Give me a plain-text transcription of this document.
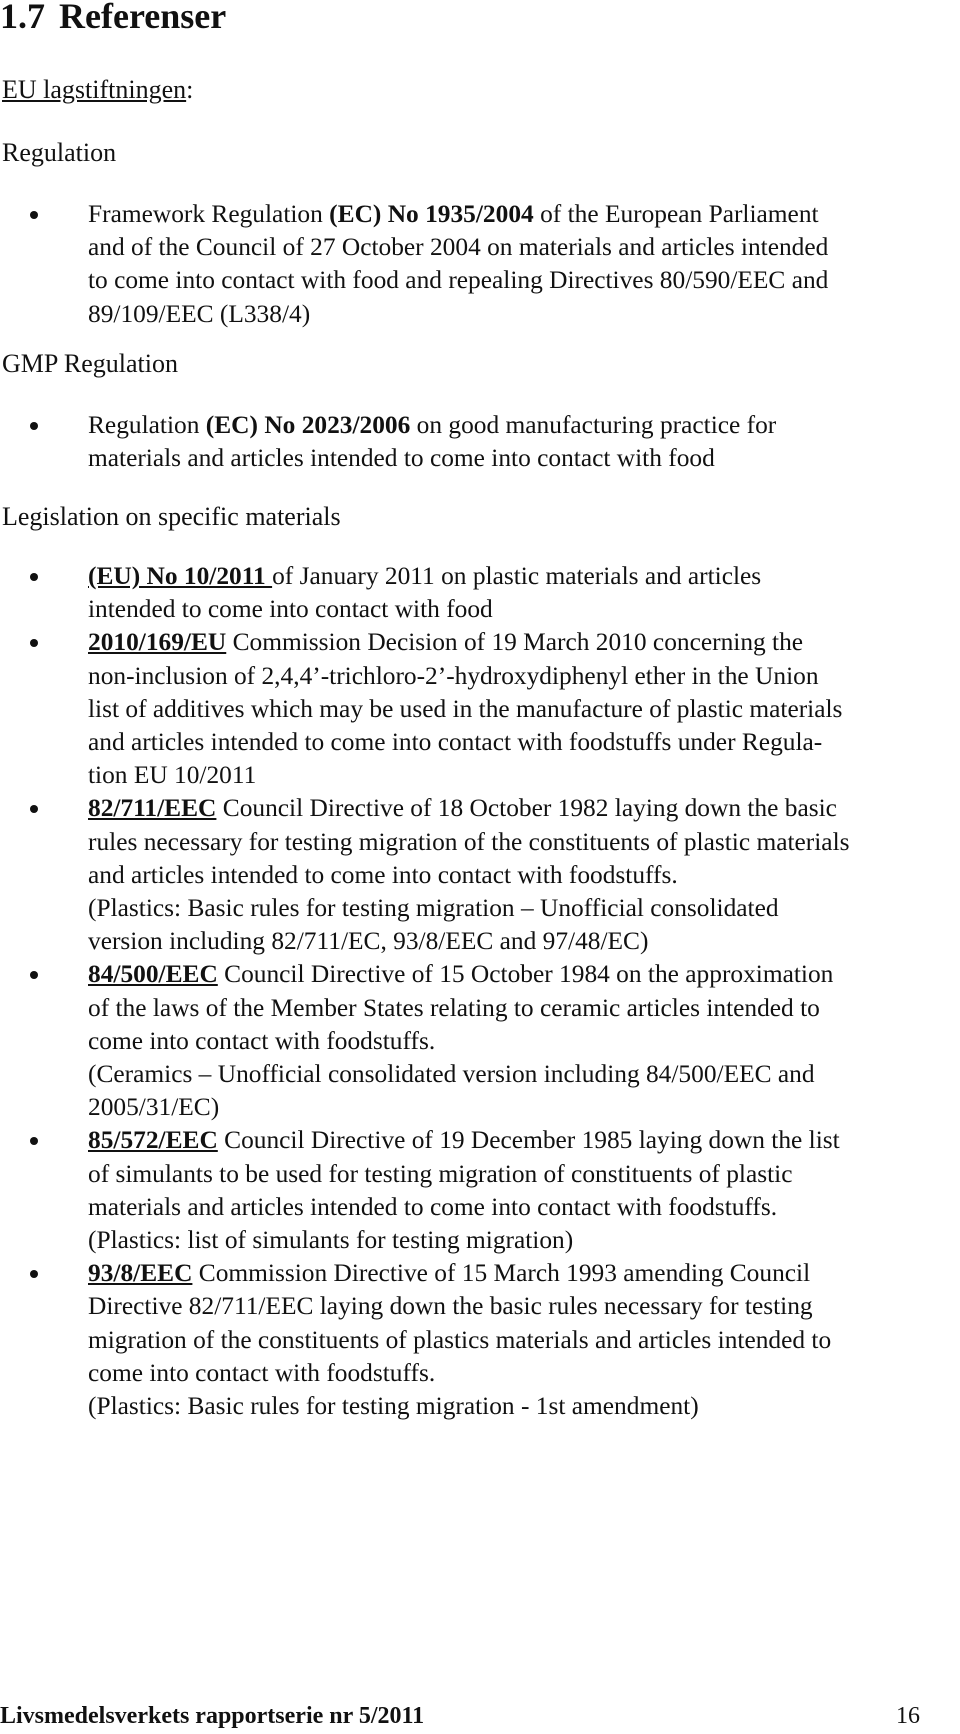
1.7 Referenser
EU lagstiftningen:
Regulation
Framework Regulation (EC) No 1935/2004 of the European Parliament
and of the Council of 27 October 2004 on materials and articles intended
to come into contact with food and repealing Directives 80/590/EEC and
89/109/EEC (L338/4)
GMP Regulation
Regulation (EC) No 2023/2006 on good manufacturing practice for
materials and articles intended to come into contact with food
Legislation on specific materials
(EU) No 10/2011 of January 2011 on plastic materials and articles
intended to come into contact with food
2010/169/EU Commission Decision of 19 March 2010 concerning the
non-inclusion of 2,4,4’-trichloro-2’-hydroxydiphenyl ether in the Union
list of additives which may be used in the manufacture of plastic materials
and articles intended to come into contact with foodstuffs under Regula-
tion EU 10/2011
82/711/EEC Council Directive of 18 October 1982 laying down the basic
rules necessary for testing migration of the constituents of plastic materials
and articles intended to come into contact with foodstuffs.
(Plastics: Basic rules for testing migration – Unofficial consolidated
version including 82/711/EC, 93/8/EEC and 97/48/EC)
84/500/EEC Council Directive of 15 October 1984 on the approximation
of the laws of the Member States relating to ceramic articles intended to
come into contact with foodstuffs.
(Ceramics – Unofficial consolidated version including 84/500/EEC and
2005/31/EC)
85/572/EEC Council Directive of 19 December 1985 laying down the list
of simulants to be used for testing migration of constituents of plastic
materials and articles intended to come into contact with foodstuffs.
(Plastics: list of simulants for testing migration)
93/8/EEC Commission Directive of 15 March 1993 amending Council
Directive 82/711/EEC laying down the basic rules necessary for testing
migration of the constituents of plastics materials and articles intended to
come into contact with foodstuffs.
(Plastics: Basic rules for testing migration - 1st amendment)
Livsmedelsverkets rapportserie nr 5/2011	16
